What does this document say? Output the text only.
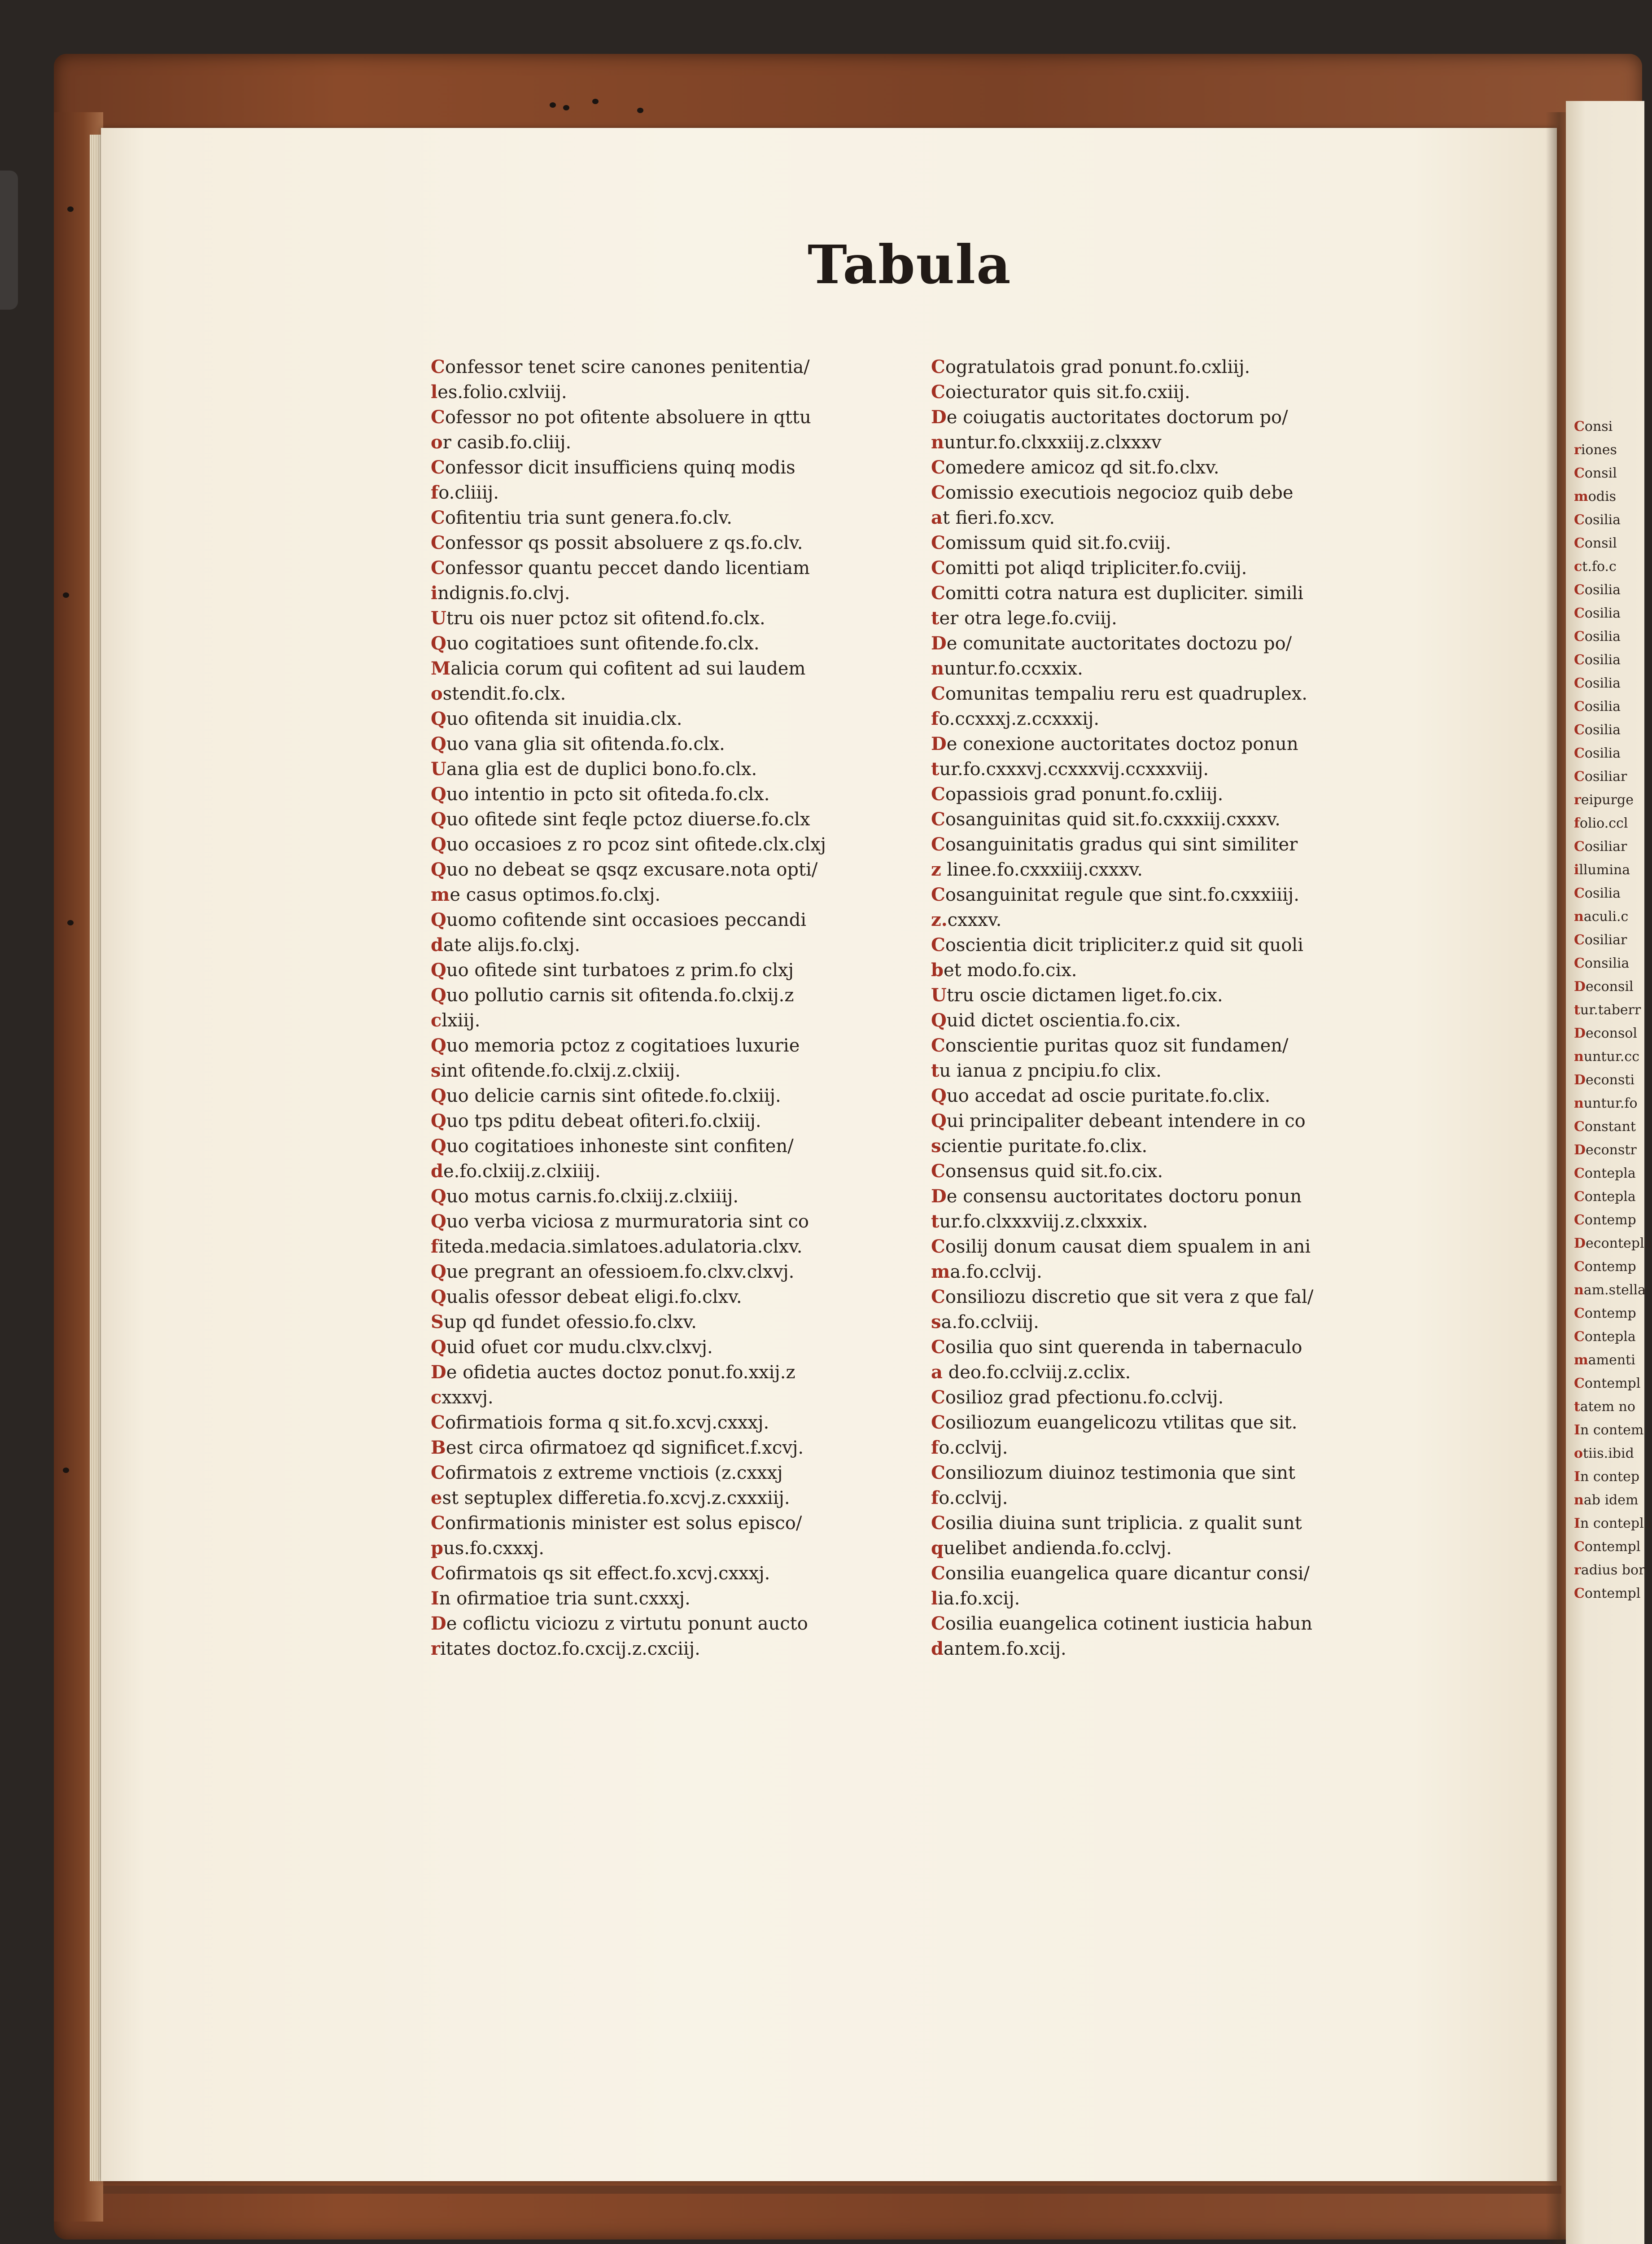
Consi
riones
Consil
modis
Cosilia
Consil
ct.fo.c
Cosilia
Cosilia
Cosilia
Cosilia
Cosilia
Cosilia
Cosilia
Cosilia
Cosiliar
reipurge
folio.ccl
Cosiliar
illumina
Cosilia
naculi.c
Cosiliar
Consilia
Deconsil
tur.taberr
Deconsol
nuntur.cc
Deconsti
nuntur.fo
Constant
Deconstr
Contepla
Contepla
Contemp
Decontepla
Contemp
nam.stella
Contemp
Contepla
mamenti
Contempl
tatem no
In contem
otiis.ibid
In contep
nab idem
In contepla
Contempl
radius bor
Contempl
Tabula
Confessor tenet scire canones penitentia/
les.folio.cxlviij.
Cofessor no pot ofitente absoluere in qttu
or casib.fo.cliij.
Confessor dicit insufficiens quinq modis
fo.cliiij.
Cofitentiu tria sunt genera.fo.clv.
Confessor qs possit absoluere z qs.fo.clv.
Confessor quantu peccet dando licentiam
indignis.fo.clvj.
Utru ois nuer pctoz sit ofitend.fo.clx.
Quo cogitatioes sunt ofitende.fo.clx.
Malicia corum qui cofitent ad sui laudem
ostendit.fo.clx.
Quo ofitenda sit inuidia.clx.
Quo vana glia sit ofitenda.fo.clx.
Uana glia est de duplici bono.fo.clx.
Quo intentio in pcto sit ofiteda.fo.clx.
Quo ofitede sint feqle pctoz diuerse.fo.clx
Quo occasioes z ro pcoz sint ofitede.clx.clxj
Quo no debeat se qsqz excusare.nota opti/
me casus optimos.fo.clxj.
Quomo cofitende sint occasioes peccandi
date alijs.fo.clxj.
Quo ofitede sint turbatoes z prim.fo clxj
Quo pollutio carnis sit ofitenda.fo.clxij.z
clxiij.
Quo memoria pctoz z cogitatioes luxurie
sint ofitende.fo.clxij.z.clxiij.
Quo delicie carnis sint ofitede.fo.clxiij.
Quo tps pditu debeat ofiteri.fo.clxiij.
Quo cogitatioes inhoneste sint confiten/
de.fo.clxiij.z.clxiiij.
Quo motus carnis.fo.clxiij.z.clxiiij.
Quo verba viciosa z murmuratoria sint co
fiteda.medacia.simlatoes.adulatoria.clxv.
Que pregrant an ofessioem.fo.clxv.clxvj.
Qualis ofessor debeat eligi.fo.clxv.
Sup qd fundet ofessio.fo.clxv.
Quid ofuet cor mudu.clxv.clxvj.
De ofidetia auctes doctoz ponut.fo.xxij.z
cxxxvj.
Cofirmatiois forma q sit.fo.xcvj.cxxxj.
Best circa ofirmatoez qd significet.f.xcvj.
Cofirmatois z extreme vnctiois (z.cxxxj
est septuplex differetia.fo.xcvj.z.cxxxiij.
Confirmationis minister est solus episco/
pus.fo.cxxxj.
Cofirmatois qs sit effect.fo.xcvj.cxxxj.
In ofirmatioe tria sunt.cxxxj.
De coflictu viciozu z virtutu ponunt aucto
ritates doctoz.fo.cxcij.z.cxciij.
Cogratulatois grad ponunt.fo.cxliij.
Coiecturator quis sit.fo.cxiij.
De coiugatis auctoritates doctorum po/
nuntur.fo.clxxxiij.z.clxxxv
Comedere amicoz qd sit.fo.clxv.
Comissio executiois negocioz quib debe
at fieri.fo.xcv.
Comissum quid sit.fo.cviij.
Comitti pot aliqd tripliciter.fo.cviij.
Comitti cotra natura est dupliciter. simili
ter otra lege.fo.cviij.
De comunitate auctoritates doctozu po/
nuntur.fo.ccxxix.
Comunitas tempaliu reru est quadruplex.
fo.ccxxxj.z.ccxxxij.
De conexione auctoritates doctoz ponun
tur.fo.cxxxvj.ccxxxvij.ccxxxviij.
Copassiois grad ponunt.fo.cxliij.
Cosanguinitas quid sit.fo.cxxxiij.cxxxv.
Cosanguinitatis gradus qui sint similiter
z linee.fo.cxxxiiij.cxxxv.
Cosanguinitat regule que sint.fo.cxxxiiij.
z.cxxxv.
Coscientia dicit tripliciter.z quid sit quoli
bet modo.fo.cix.
Utru oscie dictamen liget.fo.cix.
Quid dictet oscientia.fo.cix.
Conscientie puritas quoz sit fundamen/
tu ianua z pncipiu.fo clix.
Quo accedat ad oscie puritate.fo.clix.
Qui principaliter debeant intendere in co
scientie puritate.fo.clix.
Consensus quid sit.fo.cix.
De consensu auctoritates doctoru ponun
tur.fo.clxxxviij.z.clxxxix.
Cosilij donum causat diem spualem in ani
ma.fo.cclvij.
Consiliozu discretio que sit vera z que fal/
sa.fo.cclviij.
Cosilia quo sint querenda in tabernaculo
a deo.fo.cclviij.z.cclix.
Cosilioz grad pfectionu.fo.cclvij.
Cosiliozum euangelicozu vtilitas que sit.
fo.cclvij.
Consiliozum diuinoz testimonia que sint
fo.cclvij.
Cosilia diuina sunt triplicia. z qualit sunt
quelibet andienda.fo.cclvj.
Consilia euangelica quare dicantur consi/
lia.fo.xcij.
Cosilia euangelica cotinent iusticia habun
dantem.fo.xcij.
